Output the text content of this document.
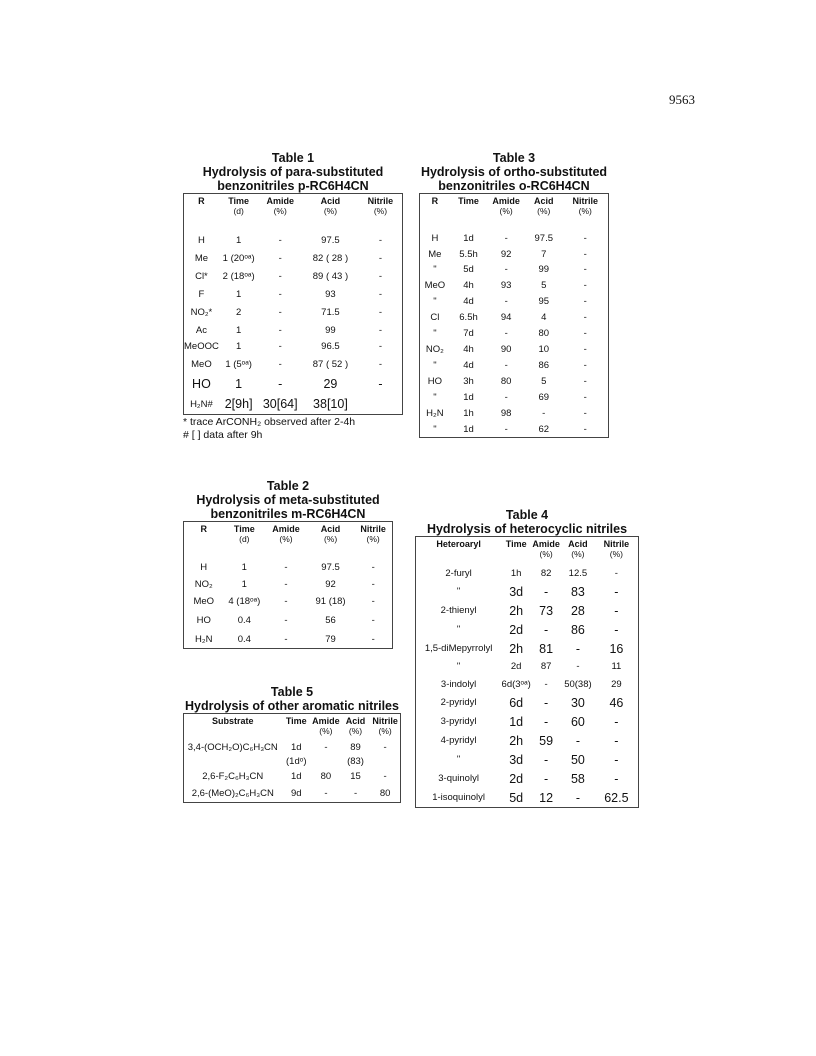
9563
Table 1
Hydrolysis of para-substituted
benzonitriles p-RC6H4CN
R	Time	Amide	Acid	Nitrile
	(d)	(%)	(%)	(%)
H	1	-	97.5	-
Me	1 (20ᵒᵃ)	-	82 ( 28 )	-
Cl*	2 (18ᵒᵃ)	-	89 ( 43 )	-
F	1	-	93	-
NO₂*	2	-	71.5	-
Ac	1	-	99	-
MeOOC	1	-	96.5	-
MeO	1 (5ᵒᵃ)	-	87 ( 52 )	-
HO	1	-	29	-
H₂N#	2[9h]	30[64]	38[10]	
* trace ArCONH₂ observed after 2-4h
# [ ] data after 9h
Table 3
Hydrolysis of ortho-substituted
benzonitriles o-RC6H4CN
R	Time	Amide	Acid	Nitrile
		(%)	(%)	(%)
H	1d	-	97.5	-
Me	5.5h	92	7	-
"	5d	-	99	-
MeO	4h	93	5	-
"	4d	-	95	-
Cl	6.5h	94	4	-
"	7d	-	80	-
NO₂	4h	90	10	-
"	4d	-	86	-
HO	3h	80	5	-
"	1d	-	69	-
H₂N	1h	98	-	-
"	1d	-	62	-
Table 2
Hydrolysis of meta-substituted
benzonitriles m-RC6H4CN
R	Time	Amide	Acid	Nitrile
	(d)	(%)	(%)	(%)
H	1	-	97.5	-
NO₂	1	-	92	-
MeO	4 (18ᵒᵃ)	-	91 (18)	-
HO	0.4	-	56	-
H₂N	0.4	-	79	-
Table 4
Hydrolysis of heterocyclic nitriles
Heteroaryl	Time	Amide	Acid	Nitrile
		(%)	(%)	(%)
2-furyl	1h	82	12.5	-
"	3d	-	83	-
2-thienyl	2h	73	28	-
"	2d	-	86	-
1,5-diMepyrrolyl	2h	81	-	16
"	2d	87	-	11
3-indolyl	6d(3ᵒᵃ)	-	50(38)	29
2-pyridyl	6d	-	30	46
3-pyridyl	1d	-	60	-
4-pyridyl	2h	59	-	-
"	3d	-	50	-
3-quinolyl	2d	-	58	-
1-isoquinolyl	5d	12	-	62.5
Table 5
Hydrolysis of other aromatic nitriles
Substrate	Time	Amide	Acid	Nitrile
		(%)	(%)	(%)
3,4-(OCH₂O)C₆H₃CN	1d	-	89	-
	(1dᵒ)		(83)	
2,6-F₂C₆H₃CN	1d	80	15	-
2,6-(MeO)₂C₆H₃CN	9d	-	-	80
